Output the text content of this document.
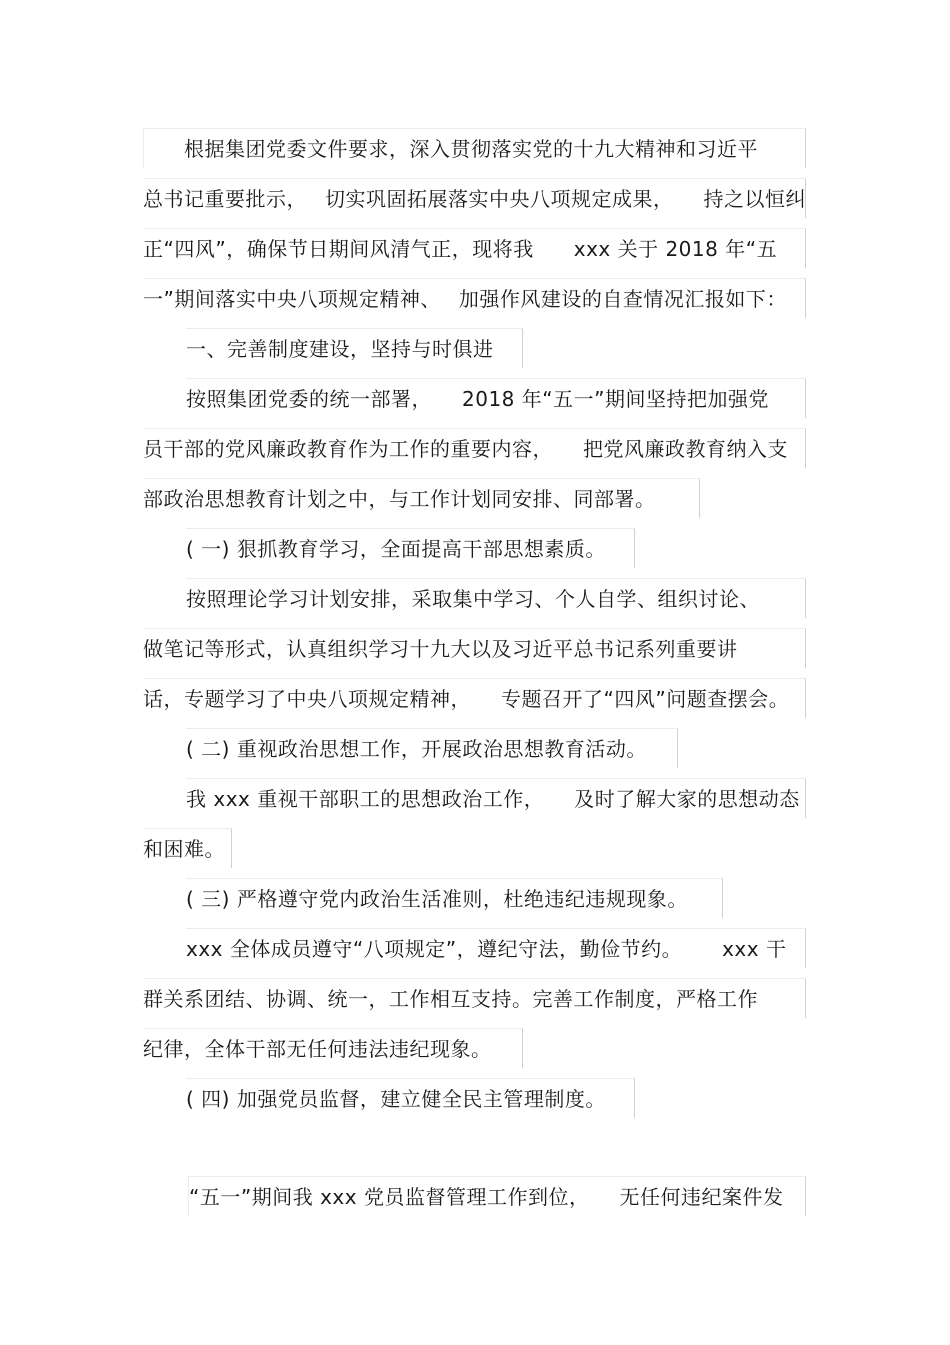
根据集团党委文件要求，深入贯彻落实党的十九大精神和习近平
总书记重要批示， 切实巩固拓展落实中央八项规定成果， 持之以恒纠
正“四风”，确保节日期间风清气正，现将我 xxx 关于 2018 年“五
一”期间落实中央八项规定精神、 加强作风建设的自查情况汇报如下：
一、完善制度建设，坚持与时俱进
按照集团党委的统一部署， 2018 年“五一”期间坚持把加强党
员干部的党风廉政教育作为工作的重要内容， 把党风廉政教育纳入支
部政治思想教育计划之中，与工作计划同安排、同部署。
( 一) 狠抓教育学习，全面提高干部思想素质。
按照理论学习计划安排，采取集中学习、个人自学、组织讨论、
做笔记等形式，认真组织学习十九大以及习近平总书记系列重要讲
话，专题学习了中央八项规定精神， 专题召开了“四风”问题查摆会。
( 二) 重视政治思想工作，开展政治思想教育活动。
我 xxx 重视干部职工的思想政治工作， 及时了解大家的思想动态
和困难。
( 三) 严格遵守党内政治生活准则，杜绝违纪违规现象。
xxx 全体成员遵守“八项规定”，遵纪守法，勤俭节约。 xxx 干
群关系团结、协调、统一，工作相互支持。完善工作制度，严格工作
纪律，全体干部无任何违法违纪现象。
( 四) 加强党员监督，建立健全民主管理制度。
“五一”期间我 xxx 党员监督管理工作到位， 无任何违纪案件发
